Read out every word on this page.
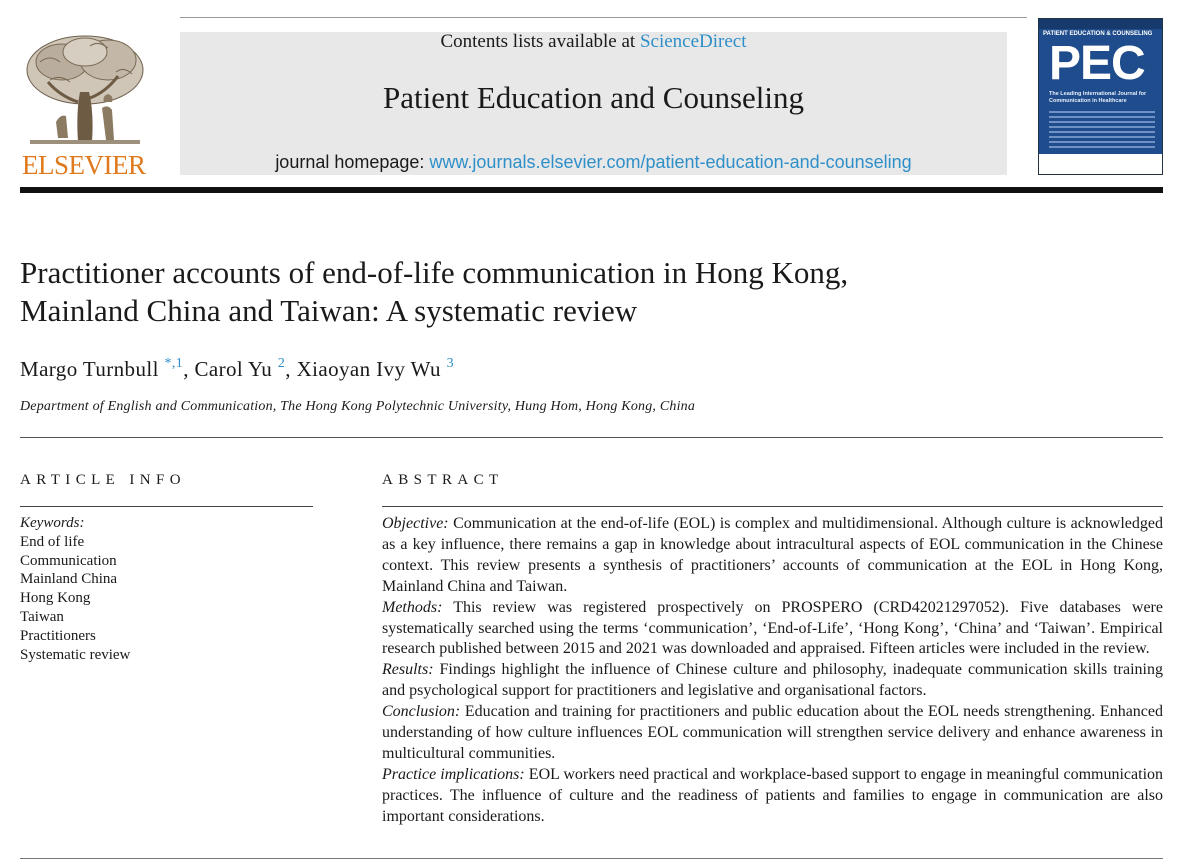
ELSEVIER
Contents lists available at ScienceDirect
Patient Education and Counseling
journal homepage: www.journals.elsevier.com/patient-education-and-counseling
PATIENT EDUCATION & COUNSELING
PEC
The Leading International Journal for Communication in Healthcare
Practitioner accounts of end-of-life communication in Hong Kong,
Mainland China and Taiwan: A systematic review
Margo Turnbull $^{*,1}$, Carol Yu $^2$, Xiaoyan Ivy Wu $^3$
Department of English and Communication, The Hong Kong Polytechnic University, Hung Hom, Hong Kong, China
ARTICLE INFO
Keywords:
End of life
Communication
Mainland China
Hong Kong
Taiwan
Practitioners
Systematic review
ABSTRACT

Objective: Communication at the end-of-life (EOL) is complex and multidimensional. Although culture is acknowledged as a key influence, there remains a gap in knowledge about intracultural aspects of EOL communication in the Chinese context. This review presents a synthesis of practitioners’ accounts of communication at the EOL in Hong Kong, Mainland China and Taiwan.

Methods: This review was registered prospectively on PROSPERO (CRD42021297052). Five databases were systematically searched using the terms ‘communication’, ‘End-of-Life’, ‘Hong Kong’, ‘China’ and ‘Taiwan’. Empirical research published between 2015 and 2021 was downloaded and appraised. Fifteen articles were included in the review.

Results: Findings highlight the influence of Chinese culture and philosophy, inadequate communication skills training and psychological support for practitioners and legislative and organisational factors.

Conclusion: Education and training for practitioners and public education about the EOL needs strengthening. Enhanced understanding of how culture influences EOL communication will strengthen service delivery and enhance awareness in multicultural communities.

Practice implications: EOL workers need practical and workplace-based support to engage in meaningful communication practices. The influence of culture and the readiness of patients and families to engage in communication are also important considerations.
